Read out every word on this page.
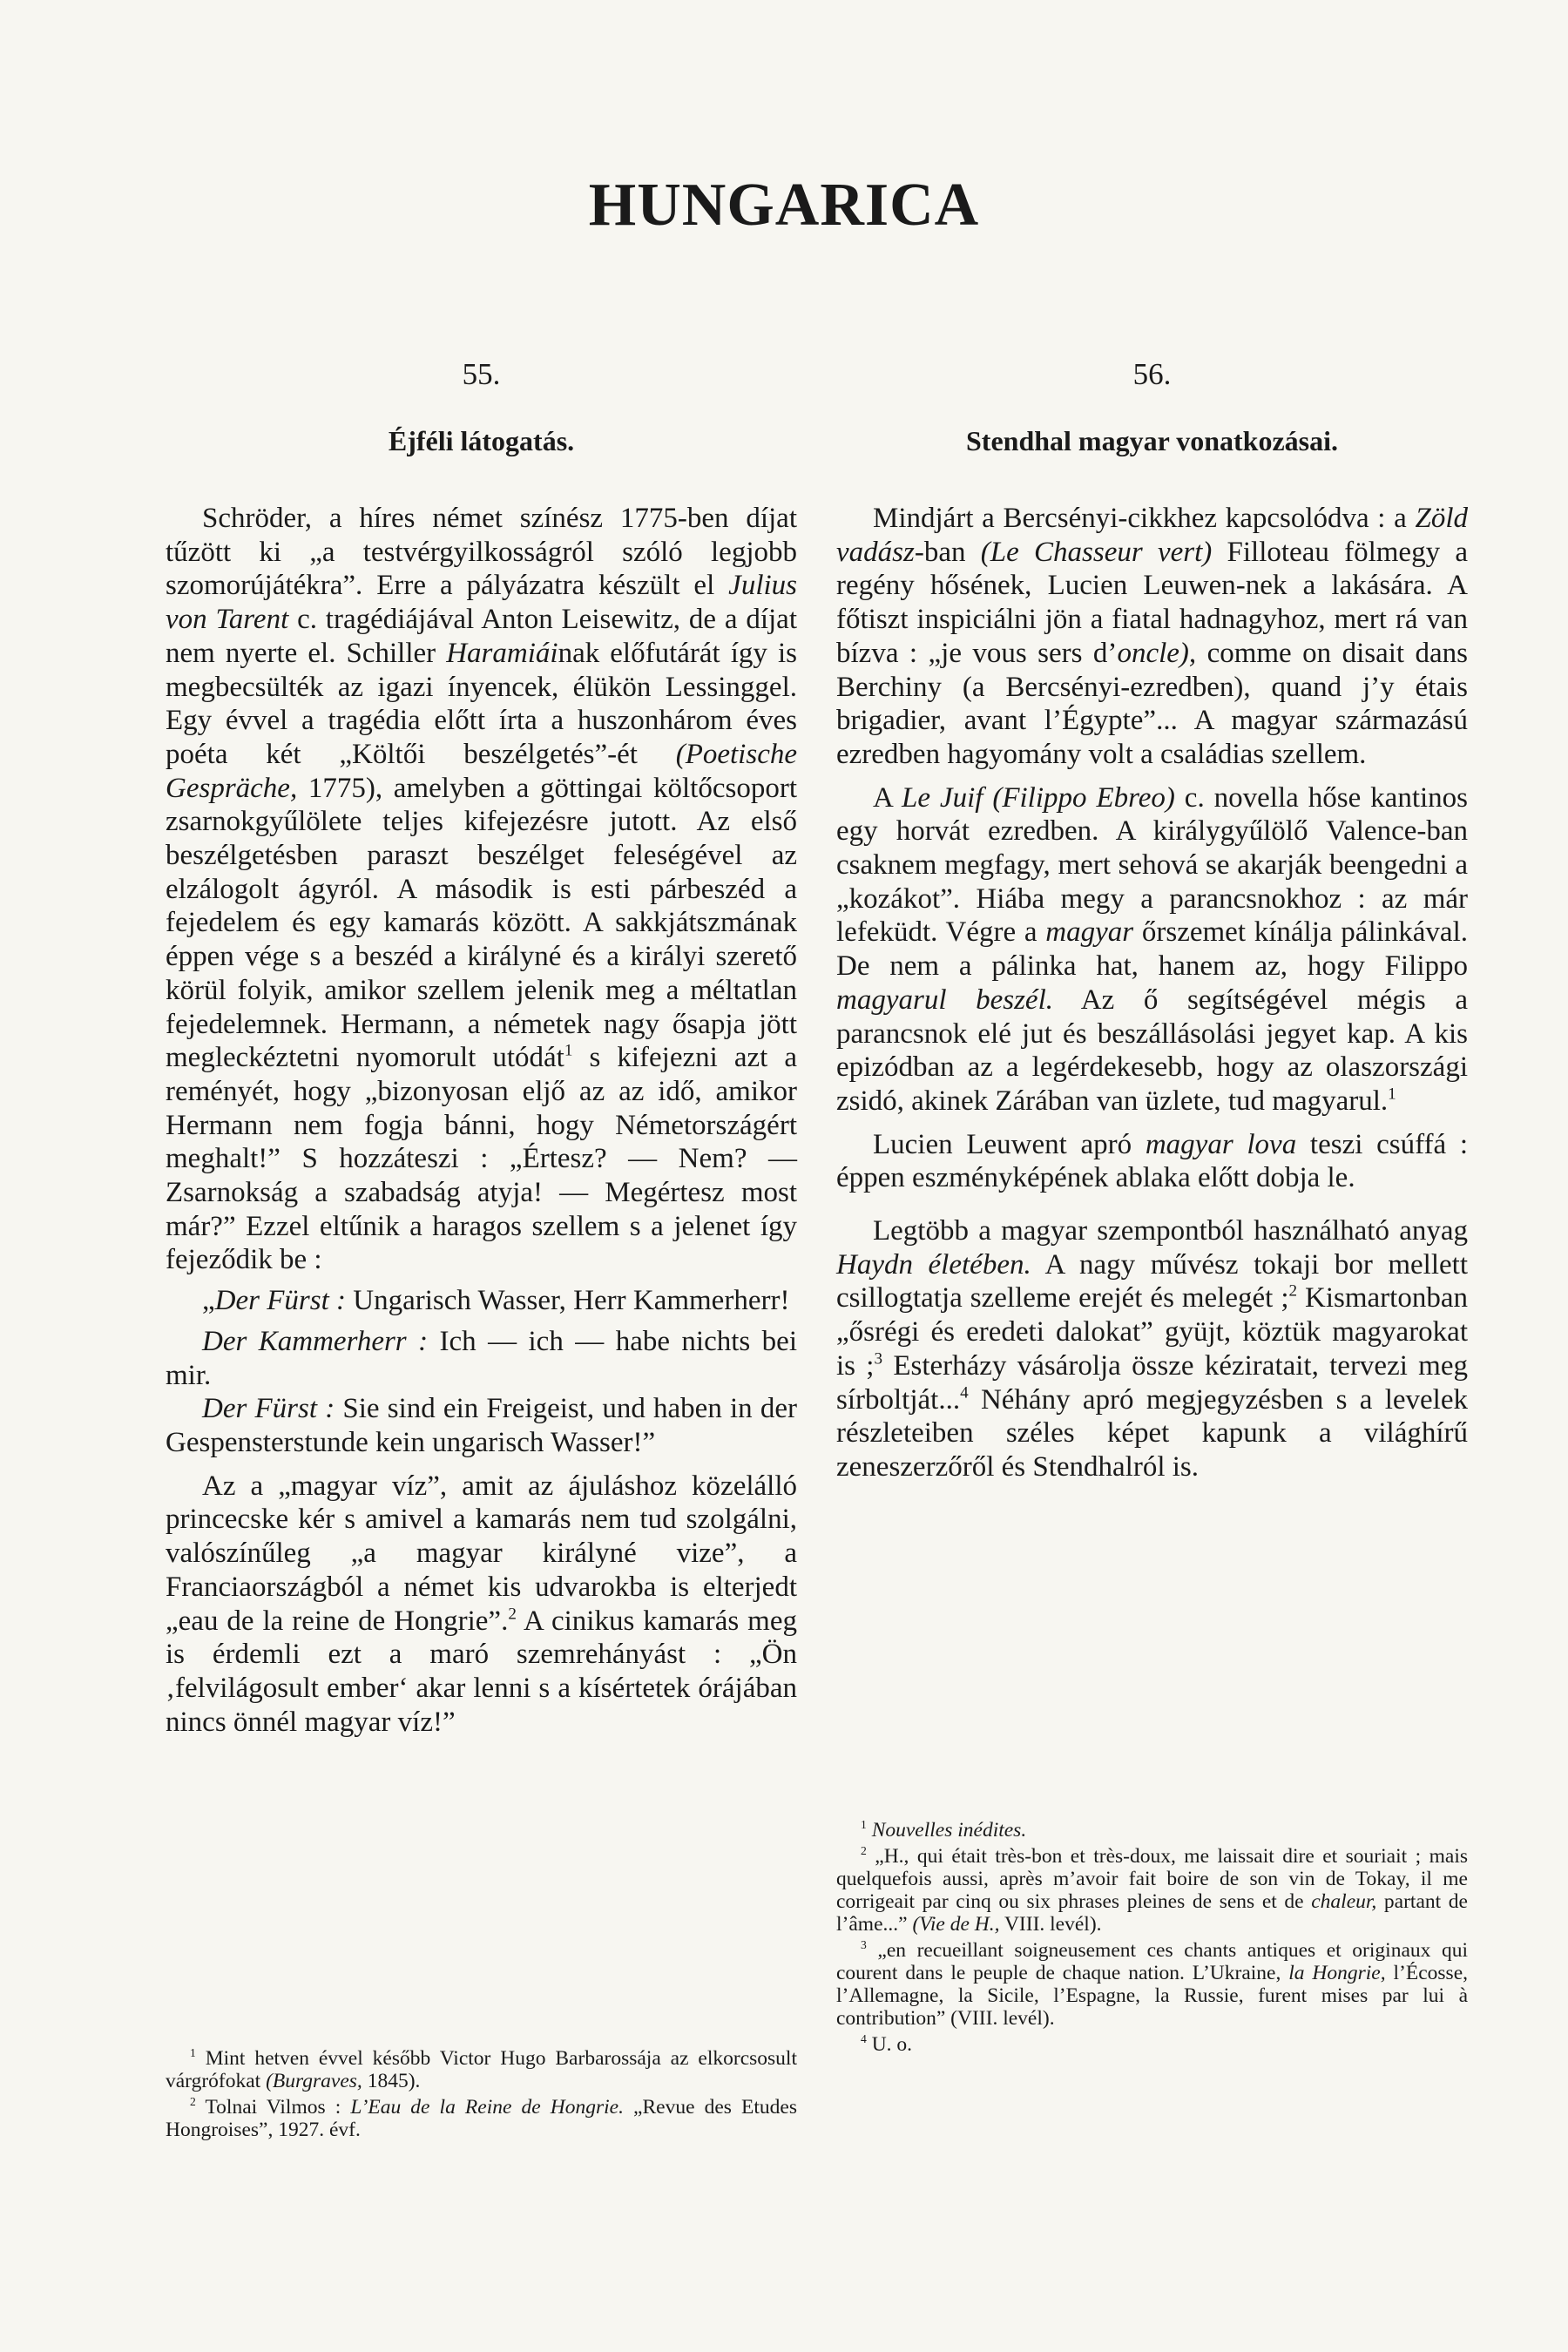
HUNGARICA
55.
Éjféli látogatás.

Schröder, a híres német színész 1775-ben díjat tűzött ki „a testvérgyilkosságról szóló legjobb szomorújátékra”. Erre a pályázatra készült el Julius von Tarent c. tragédiájával Anton Leisewitz, de a díjat nem nyerte el. Schiller Haramiáinak előfutárát így is megbecsülték az igazi ínyencek, élükön Lessinggel. Egy évvel a tragédia előtt írta a huszonhárom éves poéta két „Költői beszélgetés”-ét (Poetische Gespräche, 1775), amelyben a göttingai költőcsoport zsarnokgyűlölete teljes kifejezésre jutott. Az első beszélgetésben paraszt beszélget feleségével az elzálogolt ágyról. A második is esti párbeszéd a fejedelem és egy kamarás között. A sakkjátszmának éppen vége s a beszéd a királyné és a királyi szerető körül folyik, amikor szellem jelenik meg a méltatlan fejedelemnek. Hermann, a németek nagy ősapja jött megleckéztetni nyomorult utódát$^1$ s kifejezni azt a reményét, hogy „bizonyosan eljő az az idő, amikor Hermann nem fogja bánni, hogy Németországért meghalt!” S hozzáteszi : „Értesz? — Nem? — Zsarnokság a szabadság atyja! — Megértesz most már?” Ezzel eltűnik a haragos szellem s a jelenet így fejeződik be :

„Der Fürst : Ungarisch Wasser, Herr Kammerherr!

Der Kammerherr : Ich — ich — habe nichts bei mir.

Der Fürst : Sie sind ein Freigeist, und haben in der Gespensterstunde kein ungarisch Wasser!”

Az a „magyar víz”, amit az ájuláshoz közelálló princecske kér s amivel a kamarás nem tud szolgálni, valószínűleg „a magyar királyné vize”, a Franciaországból a német kis udvarokba is elterjedt „eau de la reine de Hongrie”.$^2$ A cinikus kamarás meg is érdemli ezt a maró szemrehányást : „Ön ‚felvilágosult ember‘ akar lenni s a kísértetek órájában nincs önnél magyar víz!”

$^1$ Mint hetven évvel később Victor Hugo Barbarossája az elkorcsosult várgrófokat (Burgraves, 1845).

$^2$ Tolnai Vilmos : L’Eau de la Reine de Hongrie. „Revue des Etudes Hongroises”, 1927. évf.

56.
Stendhal magyar vonatkozásai.

Mindjárt a Bercsényi-cikkhez kapcsolódva : a Zöld vadász-ban (Le Chasseur vert) Filloteau fölmegy a regény hősének, Lucien Leuwen-nek a lakására. A főtiszt inspiciálni jön a fiatal hadnagyhoz, mert rá van bízva : „je vous sers d’oncle), comme on disait dans Berchiny (a Bercsényi-ezredben), quand j’y étais brigadier, avant l’Égypte”... A magyar származású ezredben hagyomány volt a családias szellem.

A Le Juif (Filippo Ebreo) c. novella hőse kantinos egy horvát ezredben. A királygyűlölő Valence-ban csaknem megfagy, mert sehová se akarják beengedni a „kozákot”. Hiába megy a parancsnokhoz : az már lefeküdt. Végre a magyar őrszemet kínálja pálinkával. De nem a pálinka hat, hanem az, hogy Filippo magyarul beszél. Az ő segítségével mégis a parancsnok elé jut és beszállásolási jegyet kap. A kis epizódban az a legérdekesebb, hogy az olaszországi zsidó, akinek Zárában van üzlete, tud magyarul.$^1$

Lucien Leuwent apró magyar lova teszi csúffá : éppen eszményképének ablaka előtt dobja le.

Legtöbb a magyar szempontból használható anyag Haydn életében. A nagy művész tokaji bor mellett csillogtatja szelleme erejét és melegét ;$^2$ Kismartonban „ősrégi és eredeti dalokat” gyüjt, köztük magyarokat is ;$^3$ Esterházy vásárolja össze kéziratait, tervezi meg sírboltját...$^4$ Néhány apró megjegyzésben s a levelek részleteiben széles képet kapunk a világhírű zeneszerzőről és Stendhalról is.

$^1$ Nouvelles inédites.

$^2$ „H., qui était très-bon et très-doux, me laissait dire et souriait ; mais quelquefois aussi, après m’avoir fait boire de son vin de Tokay, il me corrigeait par cinq ou six phrases pleines de sens et de chaleur, partant de l’âme...” (Vie de H., VIII. levél).

$^3$ „en recueillant soigneusement ces chants antiques et originaux qui courent dans le peuple de chaque nation. L’Ukraine, la Hongrie, l’Écosse, l’Allemagne, la Sicile, l’Espagne, la Russie, furent mises par lui à contribution” (VIII. levél).

$^4$ U. o.
